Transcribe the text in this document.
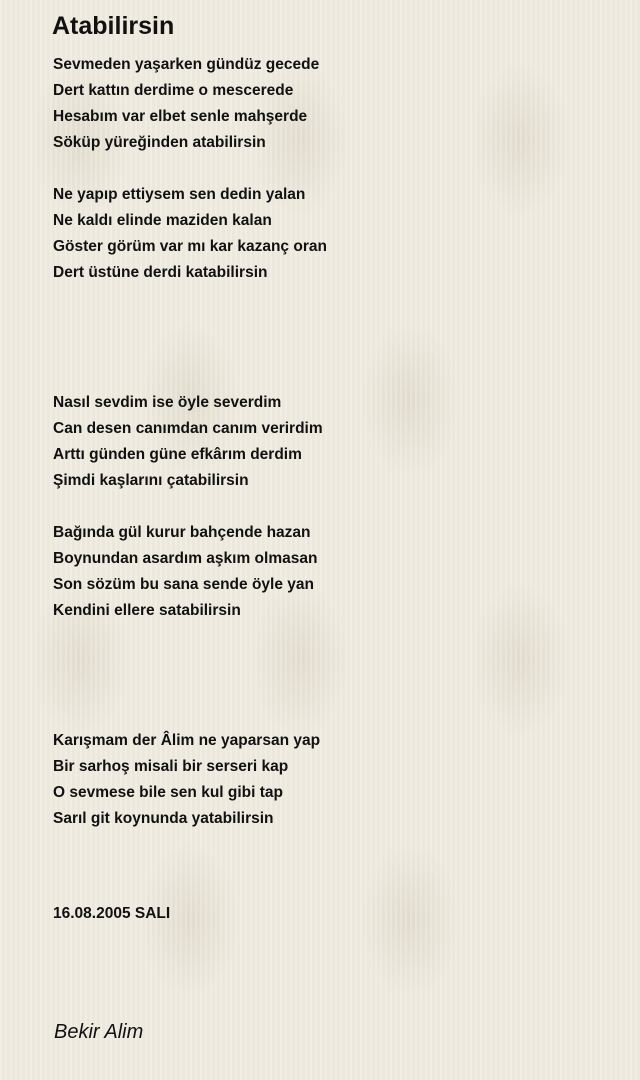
Atabilirsin
Sevmeden yaşarken gündüz gecede
Dert kattın derdime o mescerede
Hesabım var elbet senle mahşerde
Söküp yüreğinden atabilirsin
Ne yapıp ettiysem sen dedin yalan
Ne kaldı elinde maziden kalan
Göster görüm var mı kar kazanç oran
Dert üstüne derdi katabilirsin
Nasıl sevdim ise öyle severdim
Can desen canımdan canım verirdim
Arttı günden güne efkârım derdim
Şimdi kaşlarını çatabilirsin
Bağında gül kurur bahçende hazan
Boynundan asardım aşkım olmasan
Son sözüm bu sana sende öyle yan
Kendini ellere satabilirsin
Karışmam der Âlim ne yaparsan yap
Bir sarhoş misali bir serseri kap
O sevmese bile sen kul gibi tap
Sarıl git koynunda yatabilirsin
16.08.2005 SALI
Bekir Alim
